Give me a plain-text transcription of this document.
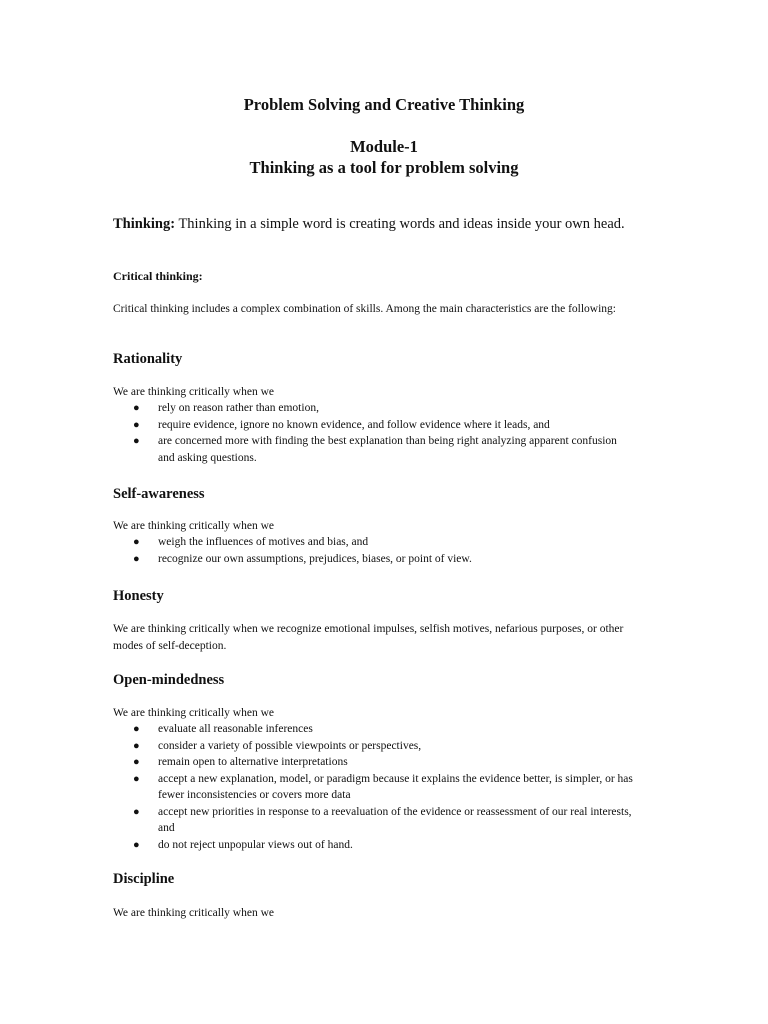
Problem Solving and Creative Thinking
Module-1
Thinking as a tool for problem solving

Thinking: Thinking in a simple word is creating words and ideas inside your own head.

Critical thinking:

Critical thinking includes a complex combination of skills. Among the main characteristics are the following:

Rationality

We are thinking critically when we

● rely on reason rather than emotion,
● require evidence, ignore no known evidence, and follow evidence where it leads, and
● are concerned more with finding the best explanation than being right analyzing apparent confusion and asking questions.
Self-awareness

We are thinking critically when we

● weigh the influences of motives and bias, and
● recognize our own assumptions, prejudices, biases, or point of view.
Honesty

We are thinking critically when we recognize emotional impulses, selfish motives, nefarious purposes, or other modes of self-deception.

Open-mindedness

We are thinking critically when we

● evaluate all reasonable inferences
● consider a variety of possible viewpoints or perspectives,
● remain open to alternative interpretations
● accept a new explanation, model, or paradigm because it explains the evidence better, is simpler, or has fewer inconsistencies or covers more data
● accept new priorities in response to a reevaluation of the evidence or reassessment of our real interests, and
● do not reject unpopular views out of hand.
Discipline

We are thinking critically when we
